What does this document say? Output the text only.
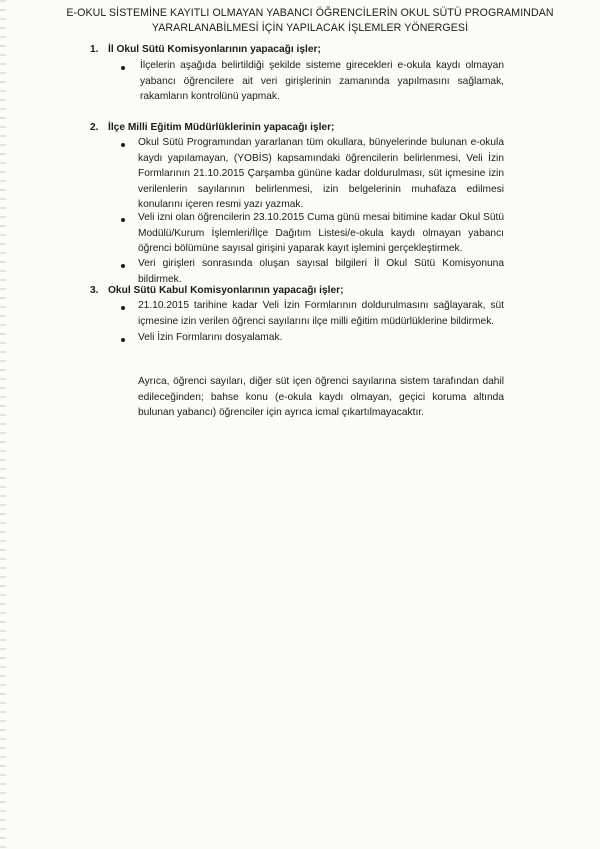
E-OKUL SİSTEMİNE KAYITLI OLMAYAN YABANCI ÖĞRENCİLERİN OKUL SÜTÜ PROGRAMINDAN
YARARLANABİLMESİ İÇİN YAPILACAK İŞLEMLER YÖNERGESİ
1. İl Okul Sütü Komisyonlarının yapacağı işler;
İlçelerin aşağıda belirtildiği şekilde sisteme girecekleri e-okula kaydı olmayan yabancı öğrencilere ait veri girişlerinin zamanında yapılmasını sağlamak, rakamların kontrolünü yapmak.
2. İlçe Milli Eğitim Müdürlüklerinin yapacağı işler;
Okul Sütü Programından yararlanan tüm okullara, bünyelerinde bulunan e-okula kaydı yapılamayan, (YOBİS) kapsamındaki öğrencilerin belirlenmesi, Veli İzin Formlarının 21.10.2015 Çarşamba gününe kadar doldurulması, süt içmesine izin verilenlerin sayılarının belirlenmesi, izin belgelerinin muhafaza edilmesi konularını içeren resmi yazı yazmak.
Veli izni olan öğrencilerin 23.10.2015 Cuma günü mesai bitimine kadar Okul Sütü Modülü/Kurum İşlemleri/İlçe Dağıtım Listesi/e-okula kaydı olmayan yabancı öğrenci bölümüne sayısal girişini yaparak kayıt işlemini gerçekleştirmek.
Veri girişleri sonrasında oluşan sayısal bilgileri İl Okul Sütü Komisyonuna bildirmek.
3. Okul Sütü Kabul Komisyonlarının yapacağı işler;
21.10.2015 tarihine kadar Veli İzin Formlarının doldurulmasını sağlayarak, süt içmesine izin verilen öğrenci sayılarını ilçe milli eğitim müdürlüklerine bildirmek.
Veli İzin Formlarını dosyalamak.
Ayrıca, öğrenci sayıları, diğer süt içen öğrenci sayılarına sistem tarafından dahil edileceğinden; bahse konu (e-okula kaydı olmayan, geçici koruma altında bulunan yabancı) öğrenciler için ayrıca icmal çıkartılmayacaktır.
